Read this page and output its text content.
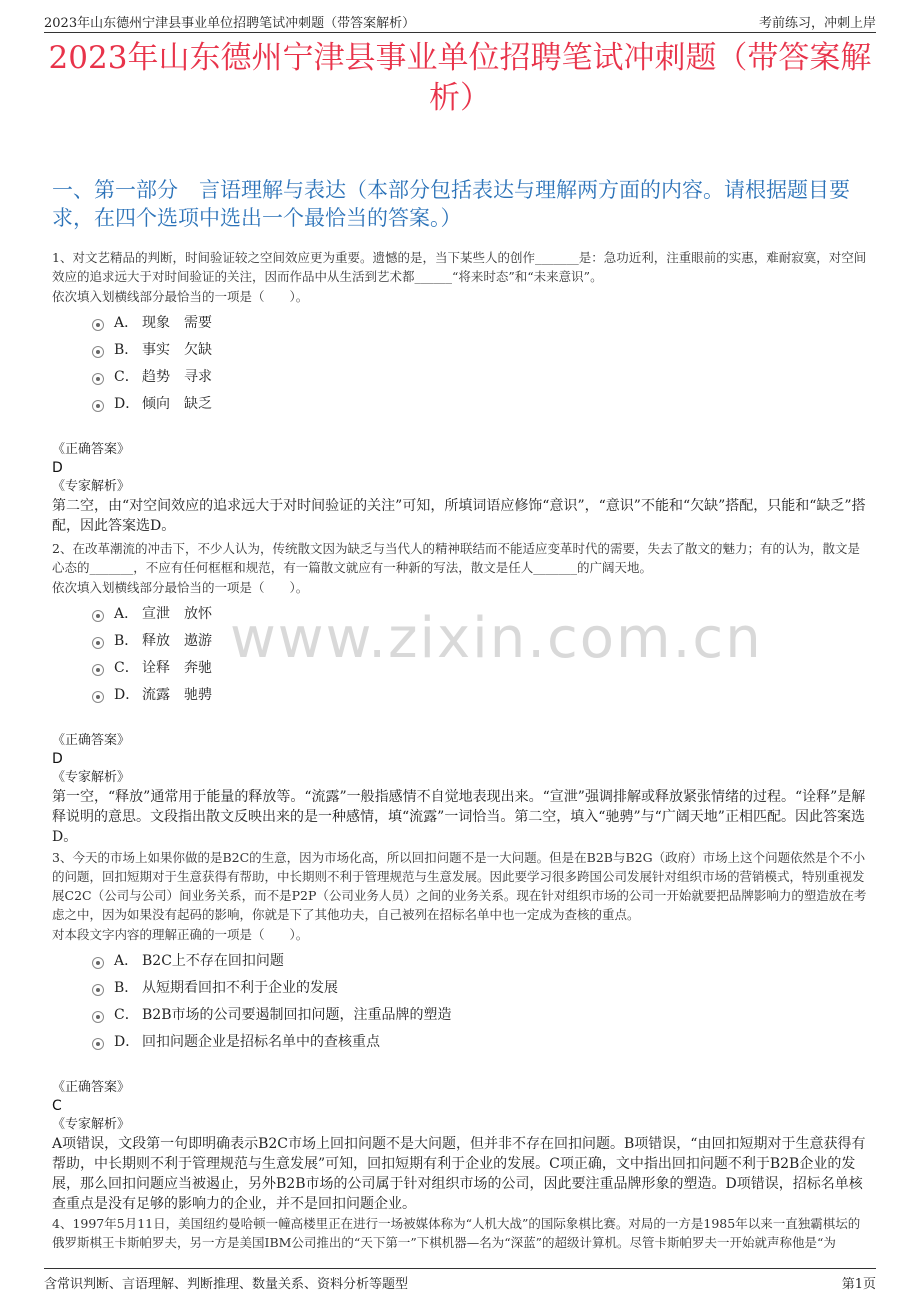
2023年山东德州宁津县事业单位招聘笔试冲刺题（带答案解析）	考前练习，冲刺上岸
2023年山东德州宁津县事业单位招聘笔试冲刺题（带答案解析）
一、第一部分　言语理解与表达（本部分包括表达与理解两方面的内容。请根据题目要求，在四个选项中选出一个最恰当的答案。）
1、对文艺精品的判断，时间验证较之空间效应更为重要。遗憾的是，当下某些人的创作_______是：急功近利，注重眼前的实惠，难耐寂寞，对空间效应的追求远大于对时间验证的关注，因而作品中从生活到艺术都______“将来时态”和“未来意识”。
依次填入划横线部分最恰当的一项是（　　）。
A． 现象　需要
B． 事实　欠缺
C． 趋势　寻求
D． 倾向　缺乏
《正确答案》
D
《专家解析》
第二空，由“对空间效应的追求远大于对时间验证的关注”可知，所填词语应修饰“意识”，“意识”不能和“欠缺”搭配，只能和“缺乏”搭配，因此答案选D。
2、在改革潮流的冲击下，不少人认为，传统散文因为缺乏与当代人的精神联结而不能适应变革时代的需要，失去了散文的魅力；有的认为，散文是心态的_______，不应有任何框框和规范，有一篇散文就应有一种新的写法，散文是任人_______的广阔天地。
依次填入划横线部分最恰当的一项是（　　）。
A． 宣泄　放怀
B． 释放　遨游
C． 诠释　奔驰
D． 流露　驰骋
《正确答案》
D
《专家解析》
第一空，“释放”通常用于能量的释放等。“流露”一般指感情不自觉地表现出来。“宣泄”强调排解或释放紧张情绪的过程。“诠释”是解释说明的意思。文段指出散文反映出来的是一种感情，填“流露”一词恰当。第二空，填入“驰骋”与“广阔天地”正相匹配。因此答案选D。
3、今天的市场上如果你做的是B2C的生意，因为市场化高，所以回扣问题不是一大问题。但是在B2B与B2G（政府）市场上这个问题依然是个不小的问题，回扣短期对于生意获得有帮助，中长期则不利于管理规范与生意发展。因此要学习很多跨国公司发展针对组织市场的营销模式，特别重视发展C2C（公司与公司）间业务关系，而不是P2P（公司业务人员）之间的业务关系。现在针对组织市场的公司一开始就要把品牌影响力的塑造放在考虑之中，因为如果没有起码的影响，你就是下了其他功夫，自己被列在招标名单中也一定成为查核的重点。
对本段文字内容的理解正确的一项是（　　）。
A． B2C上不存在回扣问题
B． 从短期看回扣不利于企业的发展
C． B2B市场的公司要遏制回扣问题，注重品牌的塑造
D． 回扣问题企业是招标名单中的查核重点
《正确答案》
C
《专家解析》
A项错误，文段第一句即明确表示B2C市场上回扣问题不是大问题，但并非不存在回扣问题。B项错误，“由回扣短期对于生意获得有帮助，中长期则不利于管理规范与生意发展”可知，回扣短期有利于企业的发展。C项正确，文中指出回扣问题不利于B2B企业的发展，那么回扣问题应当被遏止，另外B2B市场的公司属于针对组织市场的公司，因此要注重品牌形象的塑造。D项错误，招标名单核查重点是没有足够的影响力的企业，并不是回扣问题企业。
4、1997年5月11日，美国纽约曼哈顿一幢高楼里正在进行一场被媒体称为“人机大战”的国际象棋比赛。对局的一方是1985年以来一直独霸棋坛的俄罗斯棋王卡斯帕罗夫，另一方是美国IBM公司推出的“天下第一”下棋机器—名为“深蓝”的超级计算机。尽管卡斯帕罗夫一开始就声称他是“为
www.zixin.com.cn
含常识判断、言语理解、判断推理、数量关系、资料分析等题型	第1页
